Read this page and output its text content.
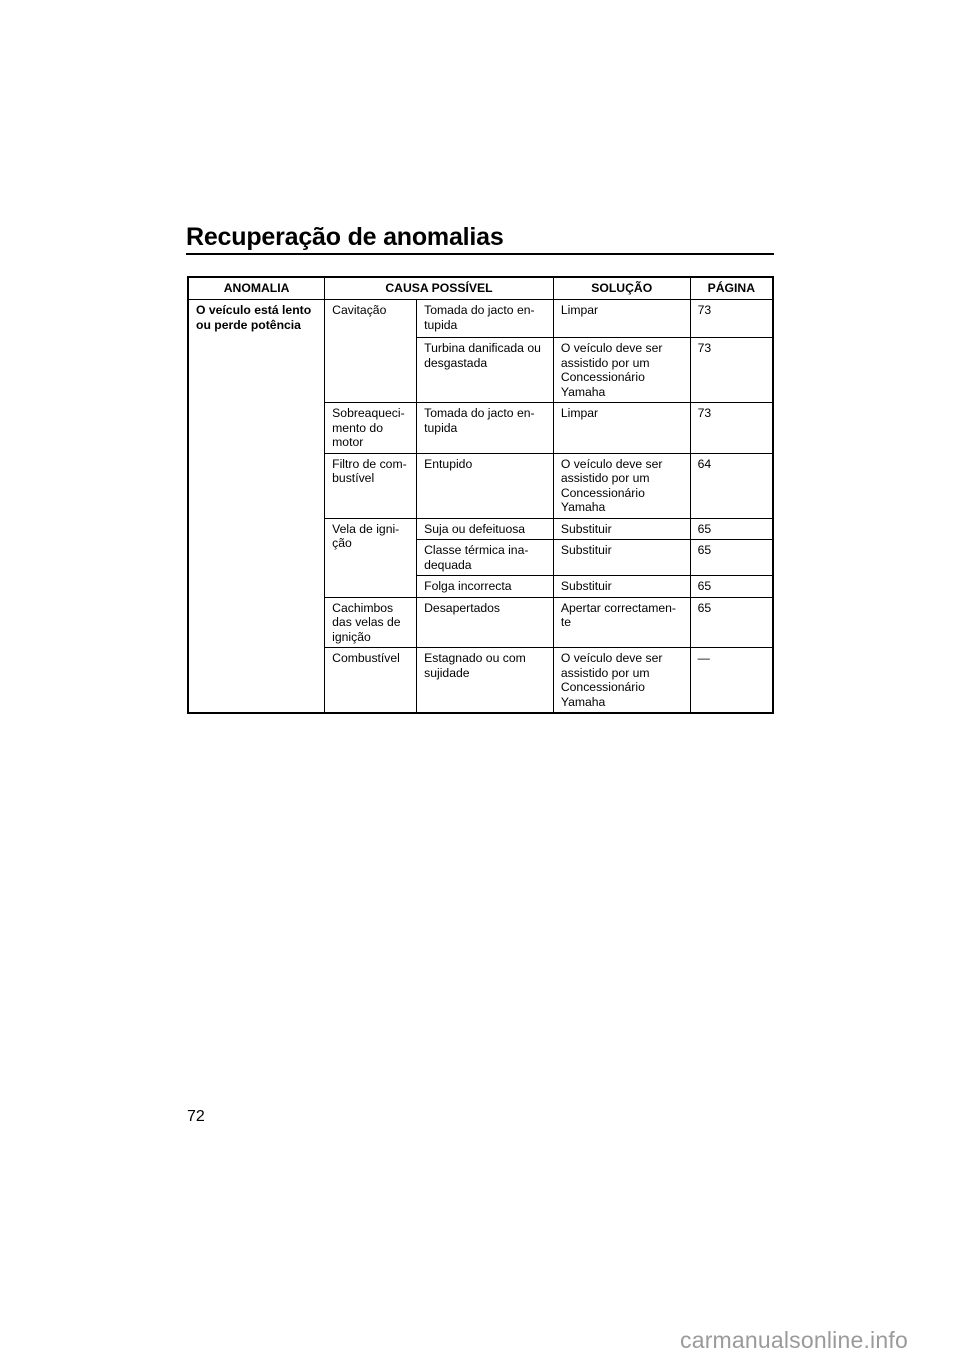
Recuperação de anomalias
ANOMALIA	CAUSA POSSÍVEL		SOLUÇÃO	PÁGINA
O veículo está lento ou perde potência	Cavitação	Tomada do jacto en-tupida	Limpar	73
		Turbina danificada ou desgastada	O veículo deve ser assistido por um Concessionário Yamaha	73
	Sobreaqueci-mento do motor	Tomada do jacto en-tupida	Limpar	73
	Filtro de com-bustível	Entupido	O veículo deve ser assistido por um Concessionário Yamaha	64
	Vela de igni-ção	Suja ou defeituosa	Substituir	65
		Classe térmica ina-dequada	Substituir	65
		Folga incorrecta	Substituir	65
	Cachimbos das velas de ignição	Desapertados	Apertar correctamen-te	65
	Combustível	Estagnado ou com sujidade	O veículo deve ser assistido por um Concessionário Yamaha	—
72
carmanualsonline.info
